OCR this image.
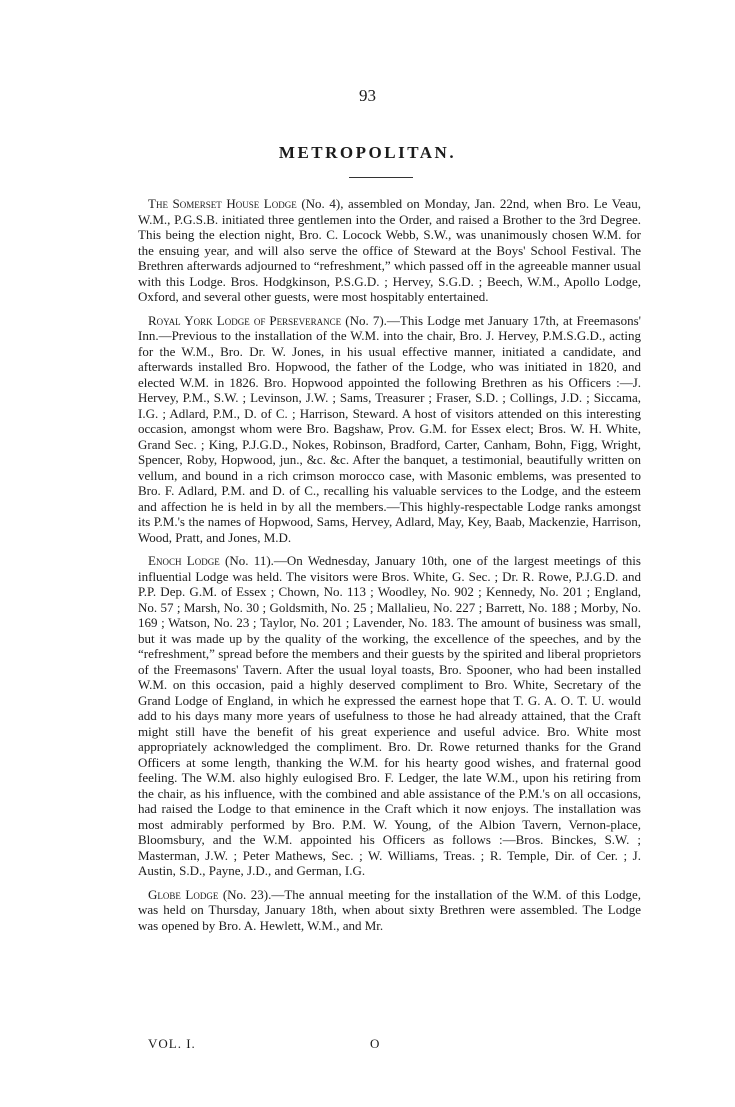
93
METROPOLITAN.

The Somerset House Lodge (No. 4), assembled on Monday, Jan. 22nd, when Bro. Le Veau, W.M., P.G.S.B. initiated three gentlemen into the Order, and raised a Brother to the 3rd Degree. This being the election night, Bro. C. Locock Webb, S.W., was unanimously chosen W.M. for the ensuing year, and will also serve the office of Steward at the Boys' School Festival. The Brethren afterwards adjourned to “refreshment,” which passed off in the agreeable manner usual with this Lodge. Bros. Hodgkinson, P.S.G.D. ; Hervey, S.G.D. ; Beech, W.M., Apollo Lodge, Oxford, and several other guests, were most hospitably entertained.

Royal York Lodge of Perseverance (No. 7).—This Lodge met January 17th, at Freemasons' Inn.—Previous to the installation of the W.M. into the chair, Bro. J. Hervey, P.M.S.G.D., acting for the W.M., Bro. Dr. W. Jones, in his usual effective manner, initiated a candidate, and afterwards installed Bro. Hopwood, the father of the Lodge, who was initiated in 1820, and elected W.M. in 1826. Bro. Hopwood appointed the following Brethren as his Officers :—J. Hervey, P.M., S.W. ; Levinson, J.W. ; Sams, Treasurer ; Fraser, S.D. ; Collings, J.D. ; Siccama, I.G. ; Adlard, P.M., D. of C. ; Harrison, Steward. A host of visitors attended on this interesting occasion, amongst whom were Bro. Bagshaw, Prov. G.M. for Essex elect; Bros. W. H. White, Grand Sec. ; King, P.J.G.D., Nokes, Robinson, Bradford, Carter, Canham, Bohn, Figg, Wright, Spencer, Roby, Hopwood, jun., &c. &c. After the banquet, a testimonial, beautifully written on vellum, and bound in a rich crimson morocco case, with Masonic emblems, was presented to Bro. F. Adlard, P.M. and D. of C., recalling his valuable services to the Lodge, and the esteem and affection he is held in by all the members.—This highly-respectable Lodge ranks amongst its P.M.'s the names of Hopwood, Sams, Hervey, Adlard, May, Key, Baab, Mackenzie, Harrison, Wood, Pratt, and Jones, M.D.

Enoch Lodge (No. 11).—On Wednesday, January 10th, one of the largest meetings of this influential Lodge was held. The visitors were Bros. White, G. Sec. ; Dr. R. Rowe, P.J.G.D. and P.P. Dep. G.M. of Essex ; Chown, No. 113 ; Woodley, No. 902 ; Kennedy, No. 201 ; England, No. 57 ; Marsh, No. 30 ; Goldsmith, No. 25 ; Mallalieu, No. 227 ; Barrett, No. 188 ; Morby, No. 169 ; Watson, No. 23 ; Taylor, No. 201 ; Lavender, No. 183. The amount of business was small, but it was made up by the quality of the working, the excellence of the speeches, and by the “refreshment,” spread before the members and their guests by the spirited and liberal proprietors of the Freemasons' Tavern. After the usual loyal toasts, Bro. Spooner, who had been installed W.M. on this occasion, paid a highly deserved compliment to Bro. White, Secretary of the Grand Lodge of England, in which he expressed the earnest hope that T. G. A. O. T. U. would add to his days many more years of usefulness to those he had already attained, that the Craft might still have the benefit of his great experience and useful advice. Bro. White most appropriately acknowledged the compliment. Bro. Dr. Rowe returned thanks for the Grand Officers at some length, thanking the W.M. for his hearty good wishes, and fraternal good feeling. The W.M. also highly eulogised Bro. F. Ledger, the late W.M., upon his retiring from the chair, as his influence, with the combined and able assistance of the P.M.'s on all occasions, had raised the Lodge to that eminence in the Craft which it now enjoys. The installation was most admirably performed by Bro. P.M. W. Young, of the Albion Tavern, Vernon-place, Bloomsbury, and the W.M. appointed his Officers as follows :—Bros. Binckes, S.W. ; Masterman, J.W. ; Peter Mathews, Sec. ; W. Williams, Treas. ; R. Temple, Dir. of Cer. ; J. Austin, S.D., Payne, J.D., and German, I.G.

Globe Lodge (No. 23).—The annual meeting for the installation of the W.M. of this Lodge, was held on Thursday, January 18th, when about sixty Brethren were assembled. The Lodge was opened by Bro. A. Hewlett, W.M., and Mr.

VOL. I.	O
